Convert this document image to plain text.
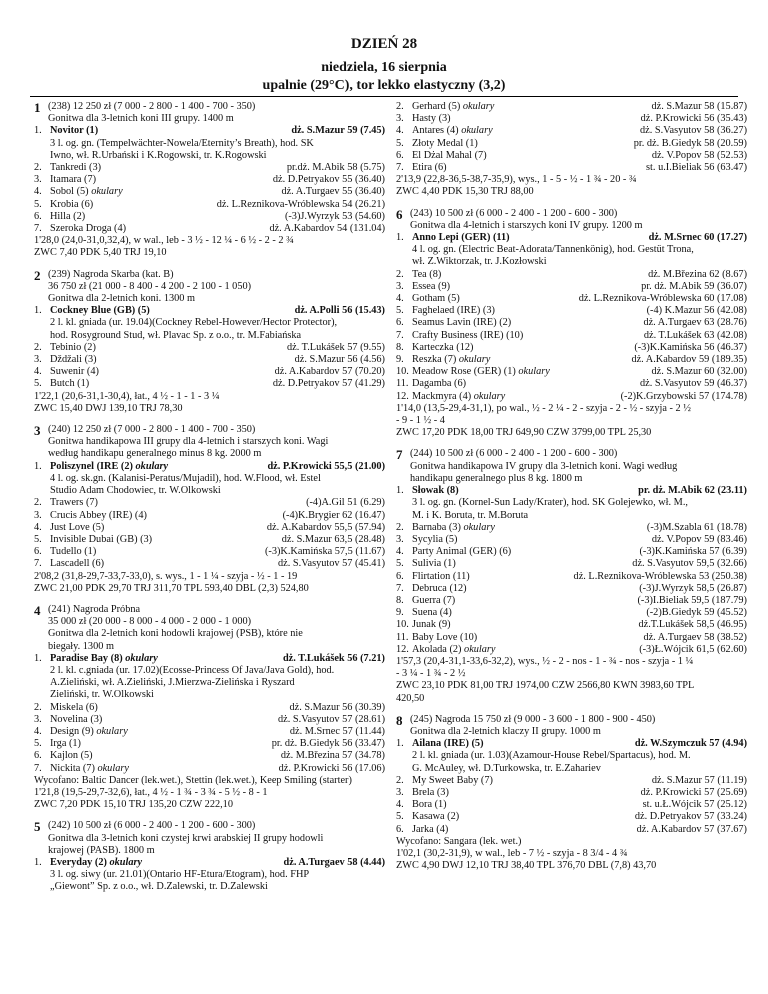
DZIEŃ 28
niedziela, 16 sierpnia
upalnie (29°C), tor lekko elastyczny (3,2)
1 (238) 12 250 zł (7 000 - 2 800 - 1 400 - 700 - 350)
Gonitwa dla 3-letnich koni III grupy. 1400 m
1. Novitor (1)	dż. S.Mazur 59 (7.45)
3 l. og. gn. (Tempelwächter-Nowela/Eternity’s Breath), hod. SK
Iwno, wł. R.Urbański i K.Rogowski, tr. K.Rogowski
2. Tankredi (3)	pr.dż. M.Abik 58 (5.75)
3. Itamara (7)	dż. D.Petryakov 55 (36.40)
4. Sobol (5) okulary	dż. A.Turgaev 55 (36.40)
5. Krobia (6)	dż. L.Reznikova-Wróblewska 54 (26.21)
6. Hilla (2)	(-3)J.Wyrzyk 53 (54.60)
7. Szeroka Droga (4)	dż. A.Kabardov 54 (131.04)
1'28,0 (24,0-31,0,32,4), w wal., leb - 3 ½ - 12 ¼ - 6 ½ - 2 - 2 ¾
ZWC 7,40 PDK 5,40 TRJ 19,10
2 (239) Nagroda Skarba (kat. B)
36 750 zł (21 000 - 8 400 - 4 200 - 2 100 - 1 050)
Gonitwa dla 2-letnich koni. 1300 m
1. Cockney Blue (GB) (5)	dż. A.Polli 56 (15.43)
2 l. kl. gniada (ur. 19.04)(Cockney Rebel-However/Hector Protector),
hod. Rosyground Stud, wł. Plavac Sp. z o.o., tr. M.Fabiańska
2. Tebinio (2)	dż. T.Lukášek 57 (9.55)
3. Dždžali (3)	dż. S.Mazur 56 (4.56)
4. Suwenir (4)	dż. A.Kabardov 57 (70.20)
5. Butch (1)	dż. D.Petryakov 57 (41.29)
1'22,1 (20,6-31,1-30,4), łat., 4 ½ - 1 - 1 - 3 ¼
ZWC 15,40 DWJ 139,10 TRJ 78,30
3 (240) 12 250 zł (7 000 - 2 800 - 1 400 - 700 - 350)
Gonitwa handikapowa III grupy dla 4-letnich i starszych koni. Wagi
według handikapu generalnego minus 8 kg. 2000 m
1. Poliszynel (IRE (2) okulary	dż. P.Krowicki 55,5 (21.00)
4 l. og. sk.gn. (Kalanisi-Peratus/Mujadil), hod. W.Flood, wł. Estel
Studio Adam Chodowiec, tr. W.Olkowski
2. Trawers (7)	(-4)A.Gil 51 (6.29)
3. Crucis Abbey (IRE) (4)	(-4)K.Brygier 62 (16.47)
4. Just Love (5)	dż. A.Kabardov 55,5 (57.94)
5. Invisible Dubai (GB) (3)	dż. S.Mazur 63,5 (28.48)
6. Tudello (1)	(-3)K.Kamińska 57,5 (11.67)
7. Lascadell (6)	dż. S.Vasyutov 57 (45.41)
2'08,2 (31,8-29,7-33,7-33,0), s. wys., 1 - 1 ¼ - szyja - ½ - 1 - 19
ZWC 21,00 PDK 29,70 TRJ 311,70 TPL 593,40 DBL (2,3) 524,80
4 (241) Nagroda Próbna
35 000 zł (20 000 - 8 000 - 4 000 - 2 000 - 1 000)
Gonitwa dla 2-letnich koni hodowli krajowej (PSB), które nie
biegały. 1300 m
1. Paradise Bay (8) okulary	dż. T.Lukášek 56 (7.21)
2 l. kl. c.gniada (ur. 17.02)(Ecosse-Princess Of Java/Java Gold), hod.
A.Zieliński, wł. A.Zieliński, J.Mierzwa-Zielińska i Ryszard
Zieliński, tr. W.Olkowski
2. Miskela (6)	dż. S.Mazur 56 (30.39)
3. Novelina (3)	dż. S.Vasyutov 57 (28.61)
4. Design (9) okulary	dż. M.Srnec 57 (11.44)
5. Irga (1)	pr. dż. B.Giedyk 56 (33.47)
6. Kajlon (5)	dż. M.Březina 57 (34.78)
7. Nickita (7) okulary	dż. P.Krowicki 56 (17.06)
Wycofano: Baltic Dancer (lek.wet.), Stettin (lek.wet.), Keep Smiling (starter)
1'21,8 (19,5-29,7-32,6), łat., 4 ½ - 1 ¾ - 3 ¾ - 5 ½ - 8 - 1
ZWC 7,20 PDK 15,10 TRJ 135,20 CZW 222,10
5 (242) 10 500 zł (6 000 - 2 400 - 1 200 - 600 - 300)
Gonitwa dla 3-letnich koni czystej krwi arabskiej II grupy hodowli
krajowej (PASB). 1800 m
1. Everyday (2) okulary	dż. A.Turgaev 58 (4.44)
3 l. og. siwy (ur. 21.01)(Ontario HF-Etura/Etogram), hod. FHP
„Giewont” Sp. z o.o., wł. D.Zalewski, tr. D.Zalewski
2. Gerhard (5) okulary	dż. S.Mazur 58 (15.87)
3. Hasty (3)	dż. P.Krowicki 56 (35.43)
4. Antares (4) okulary	dż. S.Vasyutov 58 (36.27)
5. Złoty Medal (1)	pr. dż. B.Giedyk 58 (20.59)
6. El Dżal Mahal (7)	dż. V.Popov 58 (52.53)
7. Etira (6)	st. u.I.Bieliak 56 (63.47)
2'13,9 (22,8-36,5-38,7-35,9), wys., 1 - 5 - ½ - 1 ¾ - 20 - ¾
ZWC 4,40 PDK 15,30 TRJ 88,00
6 (243) 10 500 zł (6 000 - 2 400 - 1 200 - 600 - 300)
Gonitwa dla 4-letnich i starszych koni IV grupy. 1200 m
1. Anno Lepi (GER) (11)	dż. M.Srnec 60 (17.27)
4 l. og. gn. (Electric Beat-Adorata/Tannenkönig), hod. Gestüt Trona,
wł. Z.Wiktorzak, tr. J.Kozłowski
2. Tea (8)	dż. M.Březina 62 (8.67)
3. Essea (9)	pr. dż. M.Abik 59 (36.07)
4. Gotham (5)	dż. L.Reznikova-Wróblewska 60 (17.08)
5. Faghelaed (IRE) (3)	(-4) K.Mazur 56 (42.08)
6. Seamus Lavin (IRE) (2)	dż. A.Turgaev 63 (28.76)
7. Crafty Business (IRE) (10)	dż. T.Lukášek 63 (42.08)
8. Karteczka (12)	(-3)K.Kamińska 56 (46.37)
9. Reszka (7) okulary	dż. A.Kabardov 59 (189.35)
10. Meadow Rose (GER) (1) okulary	dż. S.Mazur 60 (32.00)
11. Dagamba (6)	dż. S.Vasyutov 59 (46.37)
12. Mackmyra (4) okulary	(-2)K.Grzybowski 57 (174.78)
1'14,0 (13,5-29,4-31,1), po wal., ½ - 2 ¼ - 2 - szyja - 2 - ½ - szyja - 2 ½
- 9 - 1 ½ - 4
ZWC 17,20 PDK 18,00 TRJ 649,90 CZW 3799,00 TPL 25,30
7 (244) 10 500 zł (6 000 - 2 400 - 1 200 - 600 - 300)
Gonitwa handikapowa IV grupy dla 3-letnich koni. Wagi według
handikapu generalnego plus 8 kg. 1800 m
1. Słowak (8)	pr. dż. M.Abik 62 (23.11)
3 l. og. gn. (Kornel-Sun Lady/Krater), hod. SK Golejewko, wł. M.,
M. i K. Boruta, tr. M.Boruta
2. Barnaba (3) okulary	(-3)M.Szabla 61 (18.78)
3. Sycylia (5)	dż. V.Popov 59 (83.46)
4. Party Animal (GER) (6)	(-3)K.Kamińska 57 (6.39)
5. Sulivia (1)	dż. S.Vasyutov 59,5 (32.66)
6. Flirtation (11)	dż. L.Reznikova-Wróblewska 53 (250.38)
7. Debruca (12)	(-3)J.Wyrzyk 58,5 (26.87)
8. Guerra (7)	(-3)I.Bieliak 59,5 (187.79)
9. Suena (4)	(-2)B.Giedyk 59 (45.52)
10. Junak (9)	dż.T.Lukášek 58,5 (46.95)
11. Baby Love (10)	dż. A.Turgaev 58 (38.52)
12. Akolada (2) okulary	(-3)Ł.Wójcik 61,5 (62.60)
1'57,3 (20,4-31,1-33,6-32,2), wys., ½ - 2 - nos - 1 - ¾ - nos - szyja - 1 ¼
- 3 ¼ - 1 ¾ - 2 ½
ZWC 23,10 PDK 81,00 TRJ 1974,00 CZW 2566,80 KWN 3983,60 TPL
420,50
8 (245) Nagroda 15 750 zł (9 000 - 3 600 - 1 800 - 900 - 450)
Gonitwa dla 2-letnich klaczy II grupy. 1000 m
1. Ailana (IRE) (5)	dż. W.Szymczuk 57 (4.94)
2 l. kl. gniada (ur. 1.03)(Azamour-House Rebel/Spartacus), hod. M.
G. McAuley, wł. D.Turkowska, tr. E.Zahariev
2. My Sweet Baby (7)	dż. S.Mazur 57 (11.19)
3. Brela (3)	dż. P.Krowicki 57 (25.69)
4. Bora (1)	st. u.Ł.Wójcik 57 (25.12)
5. Kasawa (2)	dż. D.Petryakov 57 (33.24)
6. Jarka (4)	dż. A.Kabardov 57 (37.67)
Wycofano: Sangara (lek. wet.)
1'02,1 (30,2-31,9), w wal., leb - 7 ½ - szyja - 8 3/4 - 4 ¾
ZWC 4,90 DWJ 12,10 TRJ 38,40 TPL 376,70 DBL (7,8) 43,70
